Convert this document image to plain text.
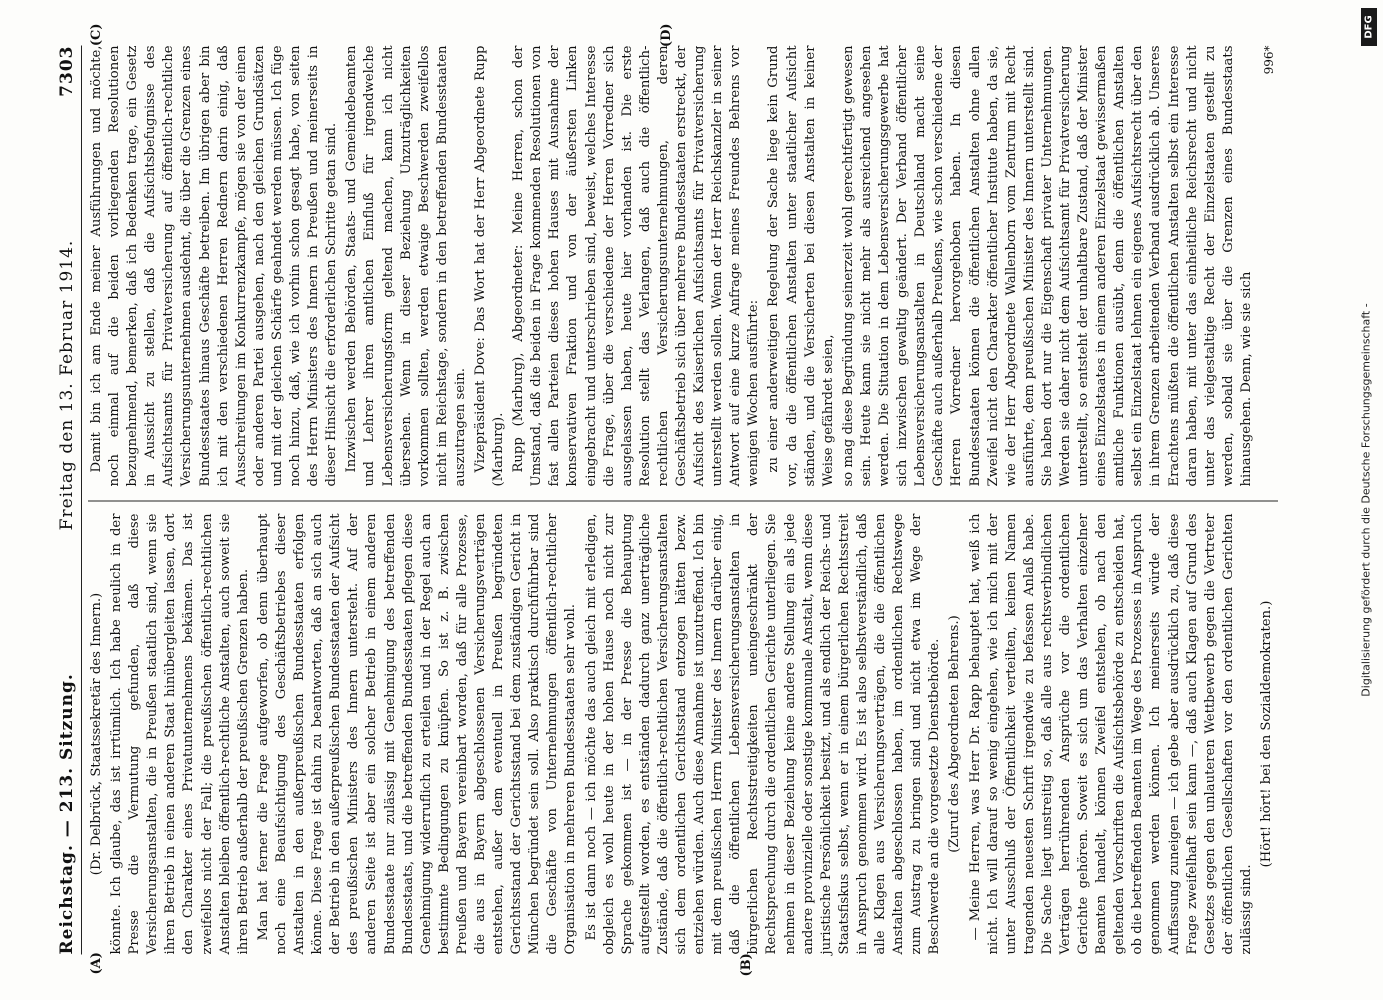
Reichstag. — 213. Sitzung.
Freitag den 13. Februar 1914.
7303
(A)	(B)

(Dr. Delbrück, Staatssekretär des Innern.) könnte. Ich glaube, das ist irrtümlich. Ich habe neulich in der Presse die Vermutung gefunden, daß diese Versicherungsanstalten, die in Preußen staatlich sind, wenn sie ihren Betrieb in einen anderen Staat hinübergleiten lassen, dort den Charakter eines Privatunternehmens bekämen. Das ist zweifellos nicht der Fall; die preußischen öffentlich-rechtlichen Anstalten bleiben öffentlich-rechtliche Anstalten, auch soweit sie ihren Betrieb außerhalb der preußischen Grenzen haben. Man hat ferner die Frage aufgeworfen, ob denn überhaupt noch eine Beaufsichtigung des Geschäftsbetriebes dieser Anstalten in den außerpreußischen Bundesstaaten erfolgen könne. Diese Frage ist dahin zu beantworten, daß an sich auch der Betrieb in den außerpreußischen Bundesstaaten der Aufsicht des preußischen Ministers des Innern untersteht. Auf der anderen Seite ist aber ein solcher Betrieb in einem anderen Bundesstaate nur zulässig mit Genehmigung des betreffenden Bundesstaats, und die betreffenden Bundesstaaten pflegen diese Genehmigung widerruflich zu erteilen und in der Regel auch an bestimmte Bedingungen zu knüpfen. So ist z. B. zwischen Preußen und Bayern vereinbart worden, daß für alle Prozesse, die aus in Bayern abgeschlossenen Versicherungsverträgen entstehen, außer dem eventuell in Preußen begründeten Gerichtsstand der Gerichtsstand bei dem zuständigen Gericht in München begründet sein soll. Also praktisch durchführbar sind die Geschäfte von Unternehmungen öffentlich-rechtlicher Organisation in mehreren Bundesstaaten sehr wohl. Es ist dann noch — ich möchte das auch gleich mit erledigen, obgleich es wohl heute in der hohen Hause noch nicht zur Sprache gekommen ist — in der Presse die Behauptung aufgestellt worden, es entständen dadurch ganz unerträgliche Zustände, daß die öffentlich-rechtlichen Versicherungsanstalten sich dem ordentlichen Gerichtsstand entzogen hätten bezw. entziehen würden. Auch diese Annahme ist unzutreffend. Ich bin mit dem preußischen Herrn Minister des Innern darüber einig, daß die öffentlichen Lebensversicherungsanstalten in bürgerlichen Rechtsstreitigkeiten uneingeschränkt der Rechtsprechung durch die ordentlichen Gerichte unterliegen. Sie nehmen in dieser Beziehung keine andere Stellung ein als jede andere provinzielle oder sonstige kommunale Anstalt, wenn diese juristische Persönlichkeit besitzt, und als endlich der Reichs- und Staatsfiskus selbst, wenn er in einem bürgerlichen Rechtsstreit in Anspruch genommen wird. Es ist also selbstverständlich, daß alle Klagen aus Versicherungsverträgen, die die öffentlichen Anstalten abgeschlossen haben, im ordentlichen Rechtswege zum Austrag zu bringen sind und nicht etwa im Wege der Beschwerde an die vorgesetzte Dienstbehörde. (Zuruf des Abgeordneten Behrens.) — Meine Herren, was Herr Dr. Rapp behauptet hat, weiß ich nicht. Ich will darauf so wenig eingehen, wie ich mich mit der unter Ausschluß der Öffentlichkeit verteilten, keinen Namen tragenden neuesten Schrift irgendwie zu befassen Anlaß habe. Die Sache liegt unstreitig so, daß alle aus rechtsverbindlichen Verträgen herrührenden Ansprüche vor die ordentlichen Gerichte gehören. Soweit es sich um das Verhalten einzelner Beamten handelt, können Zweifel entstehen, ob nach den geltenden Vorschriften die Aufsichtsbehörde zu entscheiden hat, ob die betreffenden Beamten im Wege des Prozesses in Anspruch genommen werden können. Ich meinerseits würde der Auffassung zuneigen — ich gebe aber ausdrücklich zu, daß diese Frage zweifelhaft sein kann —, daß auch Klagen auf Grund des Gesetzes gegen den unlauteren Wettbewerb gegen die Vertreter der öffentlichen Gesellschaften vor den ordentlichen Gerichten zulässig sind.

(Hört! hört! bei den Sozialdemokraten.)

(C)	(D)

Damit bin ich am Ende meiner Ausführungen und möchte, noch einmal auf die beiden vorliegenden Resolutionen bezugnehmend, bemerken, daß ich Bedenken trage, ein Gesetz in Aussicht zu stellen, daß die Aufsichtsbefugnisse des Aufsichtsamts für Privatversicherung auf öffentlich-rechtliche Versicherungsunternehmen ausdehnt, die über die Grenzen eines Bundesstaates hinaus Geschäfte betreiben. Im übrigen aber bin ich mit den verschiedenen Herren Rednern darin einig, daß Ausschreitungen im Konkurrenzkampfe, mögen sie von der einen oder anderen Partei ausgehen, nach den gleichen Grundsätzen und mit der gleichen Schärfe geahndet werden müssen. Ich füge noch hinzu, daß, wie ich vorhin schon gesagt habe, von seiten des Herrn Ministers des Innern in Preußen und meinerseits in dieser Hinsicht die erforderlichen Schritte getan sind. Inzwischen werden Behörden, Staats- und Gemeindebeamten und Lehrer ihren amtlichen Einfluß für irgendwelche Lebensversicherungsform geltend machen, kann ich nicht übersehen. Wenn in dieser Beziehung Unzuträglichkeiten vorkommen sollten, werden etwaige Beschwerden zweifellos nicht im Reichstage, sondern in den betreffenden Bundesstaaten auszutragen sein. Vizepräsident Dove: Das Wort hat der Herr Abgeordnete Rupp (Marburg). Rupp (Marburg), Abgeordneter: Meine Herren, schon der Umstand, daß die beiden in Frage kommenden Resolutionen von fast allen Parteien dieses hohen Hauses mit Ausnahme der konservativen Fraktion und von der äußersten Linken eingebracht und unterschrieben sind, beweist, welches Interesse die Frage, über die verschiedene der Herren Vorredner sich ausgelassen haben, heute hier vorhanden ist. Die erste Resolution stellt das Verlangen, daß auch die öffentlich-rechtlichen Versicherungsunternehmungen, deren Geschäftsbetrieb sich über mehrere Bundesstaaten erstreckt, der Aufsicht des Kaiserlichen Aufsichtsamts für Privatversicherung unterstellt werden sollen. Wenn der Herr Reichskanzler in seiner Antwort auf eine kurze Anfrage meines Freundes Behrens vor wenigen Wochen ausführte: zu einer anderweitigen Regelung der Sache liege kein Grund vor, da die öffentlichen Anstalten unter staatlicher Aufsicht ständen, und die Versicherten bei diesen Anstalten in keiner Weise gefährdet seien, so mag diese Begründung seinerzeit wohl gerechtfertigt gewesen sein. Heute kann sie nicht mehr als ausreichend angesehen werden. Die Situation in dem Lebensversicherungsgewerbe hat sich inzwischen gewaltig geändert. Der Verband öffentlicher Lebensversicherungsanstalten in Deutschland macht seine Geschäfte auch außerhalb Preußens, wie schon verschiedene der Herren Vorredner hervorgehoben haben. In diesen Bundesstaaten können die öffentlichen Anstalten ohne allen Zweifel nicht den Charakter öffentlicher Institute haben, da sie, wie der Herr Abgeordnete Wallenborn vom Zentrum mit Recht ausführte, dem preußischen Minister des Innern unterstellt sind. Sie haben dort nur die Eigenschaft privater Unternehmungen. Werden sie daher nicht dem Aufsichtsamt für Privatversicherung unterstellt, so entsteht der unhaltbare Zustand, daß der Minister eines Einzelstaates in einem anderen Einzelstaat gewissermaßen amtliche Funktionen ausübt, denn die öffentlichen Anstalten selbst ein Einzelstaat lehnen ein eigenes Aufsichtsrecht über den in ihrem Grenzen arbeitenden Verband ausdrücklich ab. Unseres Erachtens müßten die öffentlichen Anstalten selbst ein Interesse daran haben, mit unter das einheitliche Reichsrecht und nicht unter das vielgestaltige Recht der Einzelstaaten gestellt zu werden, sobald sie über die Grenzen eines Bundesstaats hinausgehen. Denn, wie sie sich

996*
DFG
Digitalisierung gefördert durch die Deutsche Forschungsgemeinschaft -
